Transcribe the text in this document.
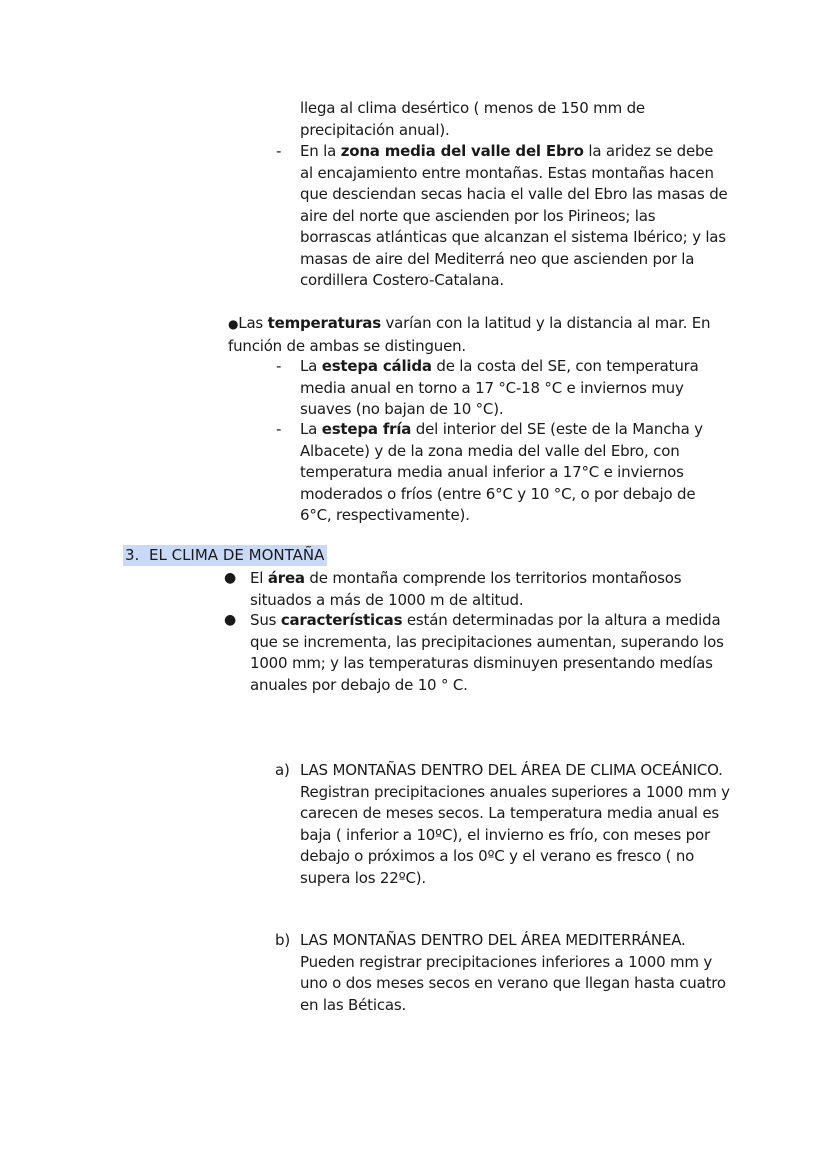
llega al clima desértico ( menos de 150 mm de precipitación anual).
- En la zona media del valle del Ebro la aridez se debe al encajamiento entre montañas. Estas montañas hacen que desciendan secas hacia el valle del Ebro las masas de aire del norte que ascienden por los Pirineos; las borrascas atlánticas que alcanzan el sistema Ibérico; y las masas de aire del Mediterrá neo que ascienden por la cordillera Costero-Catalana.
●Las temperaturas varían con la latitud y la distancia al mar. En función de ambas se distinguen.
- La estepa cálida de la costa del SE, con temperatura media anual en torno a 17 °C-18 °C e inviernos muy suaves (no bajan de 10 °C).
- La estepa fría del interior del SE (este de la Mancha y Albacete) y de la zona media del valle del Ebro, con temperatura media anual inferior a 17°C e inviernos moderados o fríos (entre 6°C y 10 °C, o por debajo de 6°C, respectivamente).
3. EL CLIMA DE MONTAÑA
● El área de montaña comprende los territorios montañosos situados a más de 1000 m de altitud.
● Sus características están determinadas por la altura a medida que se incrementa, las precipitaciones aumentan, superando los 1000 mm; y las temperaturas disminuyen presentando medías anuales por debajo de 10 ° C.
a) LAS MONTAÑAS DENTRO DEL ÁREA DE CLIMA OCEÁNICO.
Registran precipitaciones anuales superiores a 1000 mm y carecen de meses secos. La temperatura media anual es baja ( inferior a 10ºC), el invierno es frío, con meses por debajo o próximos a los 0ºC y el verano es fresco ( no supera los 22ºC).
b) LAS MONTAÑAS DENTRO DEL ÁREA MEDITERRÁNEA.
Pueden registrar precipitaciones inferiores a 1000 mm y uno o dos meses secos en verano que llegan hasta cuatro en las Béticas.
